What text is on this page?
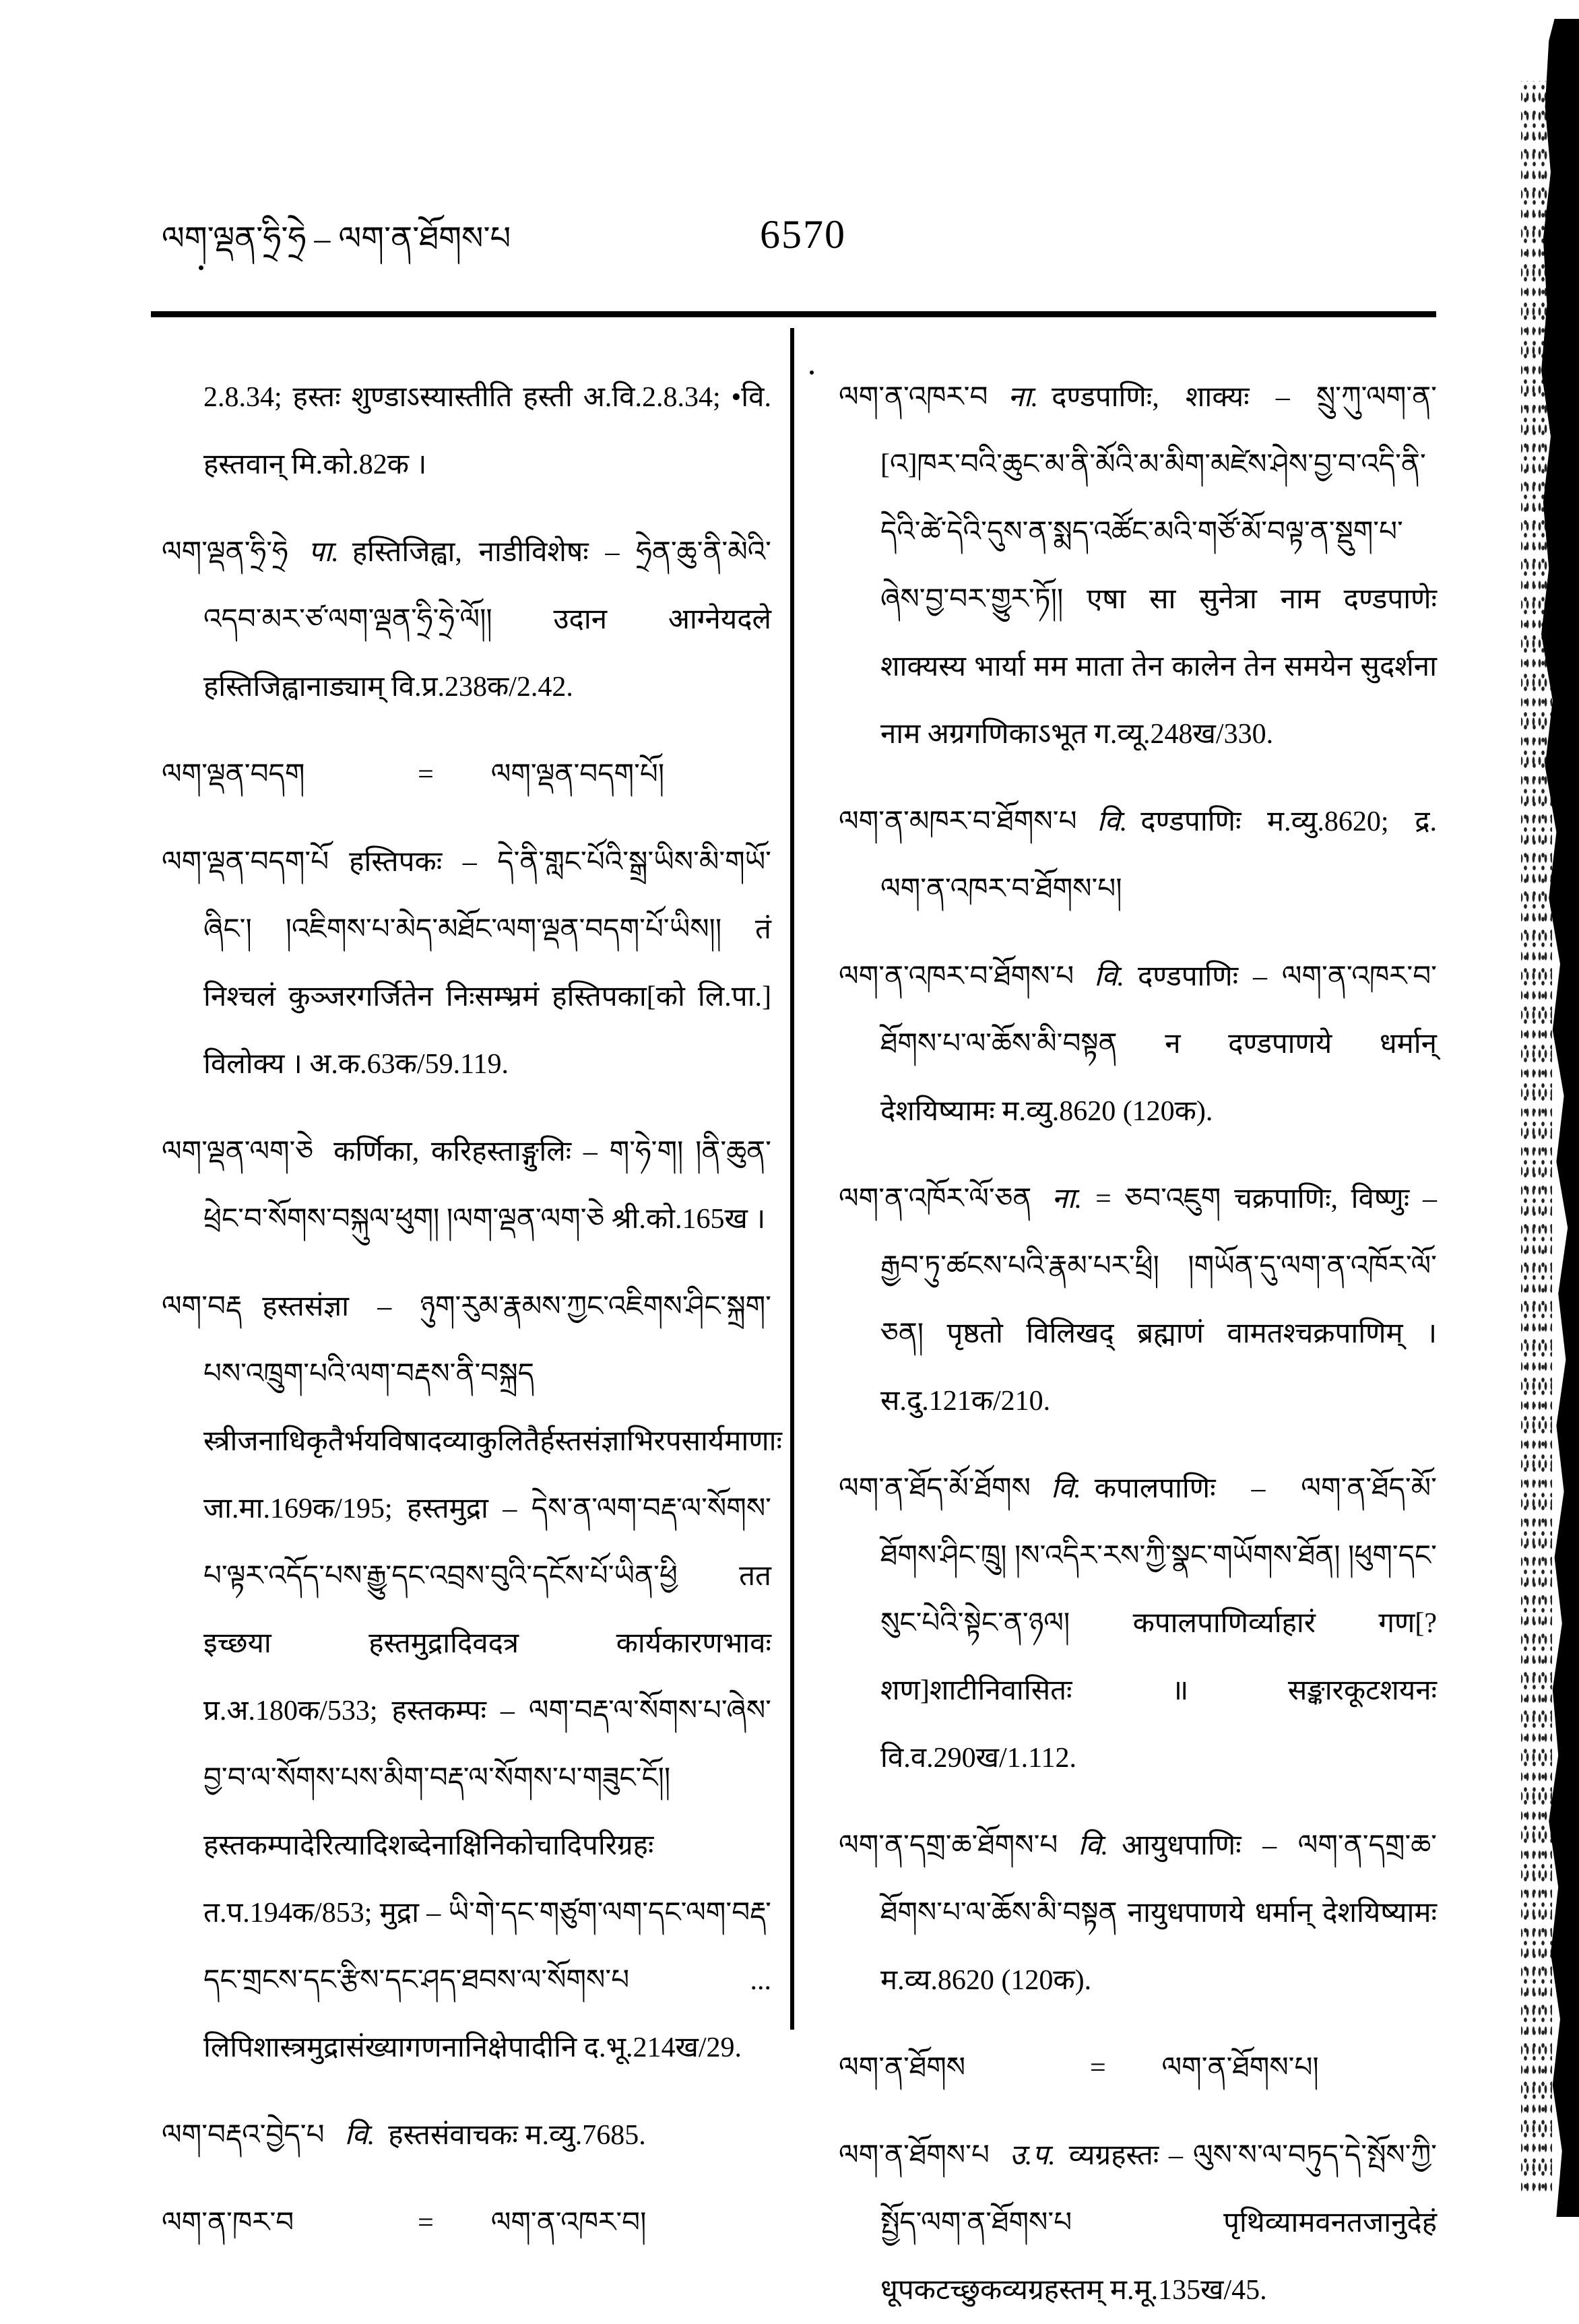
ལག་ལྡན་ཧྲི་ཧྲེ – ལག་ན་ཐོགས་པ	6570

2.8.34; हस्तः शुण्डाऽस्यास्तीति हस्ती अ.वि.2.8.34; •वि. हस्तवान् मि.को.82क ।

ལག་ལྡན་ཧྲི་ཧྲེ पा. हस्तिजिह्वा, नाडीविशेषः – ཧྲེན་ཆུ་ནི་མེའི་འདབ་མར་ཙ་ལག་ལྡན་ཧྲི་ཧྲེ་ལོ།། उदान आग्नेयदले हस्तिजिह्वानाड्याम् वि.प्र.238क/2.42.

ལག་ལྡན་བདག	= ལག་ལྡན་བདག་པོ།

ལག་ལྡན་བདག་པོ हस्तिपकः – དེ་ནི་གླང་པོའི་སྒྲ་ཡིས་མི་གཡོ་ཞིང་། །འཇིགས་པ་མེད་མཐོང་ལག་ལྡན་བདག་པོ་ཡིས།། तं निश्चलं कुञ्जरगर्जितेन निःसम्भ्रमं हस्तिपका[को लि.पा.] विलोक्य । अ.क.63क/59.119.

ལག་ལྡན་ལག་ཅེ कर्णिका, करिहस्ताङ्गुलिः – ག་ཧེ་ག། །ནི་ཆུན་ཕྲེང་བ་སོགས་བསྐུལ་ཕུག། །ལག་ལྡན་ལག་ཅེ श्री.को.165ख ।

ལག་བརྡ हस्तसंज्ञा – ཉུག་རུམ་རྣམས་ཀྱང་འཇིགས་ཤིང་སྐྲག་པས་འཁྲུག་པའི་ལག་བརྡས་ནི་བསྐྲད स्त्रीजनाधिकृतैर्भयविषादव्याकुलितैर्हस्तसंज्ञाभिरपसार्यमाणाः जा.मा.169क/195; हस्तमुद्रा – དེས་ན་ལག་བརྡ་ལ་སོགས་པ་ལྟར་འདོད་པས་རྒྱུ་དང་འབྲས་བུའི་དངོས་པོ་ཡིན་ཕྱི तत इच्छया हस्तमुद्रादिवदत्र कार्यकारणभावः प्र.अ.180क/533; हस्तकम्पः – ལག་བརྡ་ལ་སོགས་པ་ཞེས་བྱ་བ་ལ་སོགས་པས་མིག་བརྡ་ལ་སོགས་པ་གཟུང་ངོ།། हस्तकम्पादेरित्यादिशब्देनाक्षिनिकोचादिपरिग्रहः त.प.194क/853; मुद्रा – ཡི་གེ་དང་གཙུག་ལག་དང་ལག་བརྡ་དང་གྲངས་དང་རྩིས་དང་ཤད་ཐབས་ལ་སོགས་པ ... लिपिशास्त्रमुद्रासंख्यागणनानिक्षेपादीनि द.भू.214ख/29.

ལག་བརྡའ་བྱེད་པ वि. हस्तसंवाचकः म.व्यु.7685.

ལག་ན་ཁར་བ	= ལག་ན་འཁར་བ།

ལག་ན་འཁར་བ ना. दण्डपाणिः, शाक्यः – སྲུ་ཀུ་ལག་ན་[འ]ཁར་བའི་ཆུང་མ་ནི་མོའི་མ་མིག་མཛེས་ཤེས་བྱ་བ་འདི་ནི་དེའི་ཚེ་དེའི་དུས་ན་སྨད་འཚོང་མའི་གཙོ་མོ་བལྟ་ན་སྡུག་པ་ཞེས་བྱ་བར་གྱུར་ཏོ།། एषा सा सुनेत्रा नाम दण्डपाणेः शाक्यस्य भार्या मम माता तेन कालेन तेन समयेन सुदर्शना नाम अग्रगणिकाऽभूत ग.व्यू.248ख/330.

ལག་ན་མཁར་བ་ཐོགས་པ वि. दण्डपाणिः म.व्यु.8620; द्र. ལག་ན་འཁར་བ་ཐོགས་པ།

ལག་ན་འཁར་བ་ཐོགས་པ वि. दण्डपाणिः – ལག་ན་འཁར་བ་ཐོགས་པ་ལ་ཆོས་མི་བསྟན न दण्डपाणये धर्मान् देशयिष्यामः म.व्यु.8620 (120क).

ལག་ན་འཁོར་ལོ་ཅན ना. = ཅབ་འཇུག चक्रपाणिः, विष्णुः – རྒྱབ་ཏུ་ཚངས་པའི་རྣམ་པར་ཕྲི། །གཡོན་དུ་ལག་ན་འཁོར་ལོ་ཅན། पृष्ठतो विलिखद् ब्रह्माणं वामतश्चक्रपाणिम् । स.दु.121क/210.

ལག་ན་ཐོད་མོ་ཐོགས वि. कपालपाणिः – ལག་ན་ཐོད་མོ་ཐོགས་ཤིང་ཁྲུ། །ས་འདིར་རས་ཀྱི་སྣང་གཡོགས་ཐོན། །ཕུག་དང་སུང་པེའི་སྟེང་ན་ཉལ། कपालपाणिर्व्याहारं गण[?शण]शाटीनिवासितः ॥ सङ्कारकूटशयनः वि.व.290ख/1.112.

ལག་ན་དགྲ་ཆ་ཐོགས་པ वि. आयुधपाणिः – ལག་ན་དགྲ་ཆ་ཐོགས་པ་ལ་ཆོས་མི་བསྟན नायुधपाणये धर्मान् देशयिष्यामः म.व्य.8620 (120क).

ལག་ན་ཐོགས	= ལག་ན་ཐོགས་པ།

ལག་ན་ཐོགས་པ उ.प. व्यग्रहस्तः – ལུས་ས་ལ་བཏུད་དེ་སྤོས་ཀྱི་སྤྱོད་ལག་ན་ཐོགས་པ पृथिव्यामवनतजानुदेहं धूपकटच्छुकव्यग्रहस्तम् म.मू.135ख/45.
